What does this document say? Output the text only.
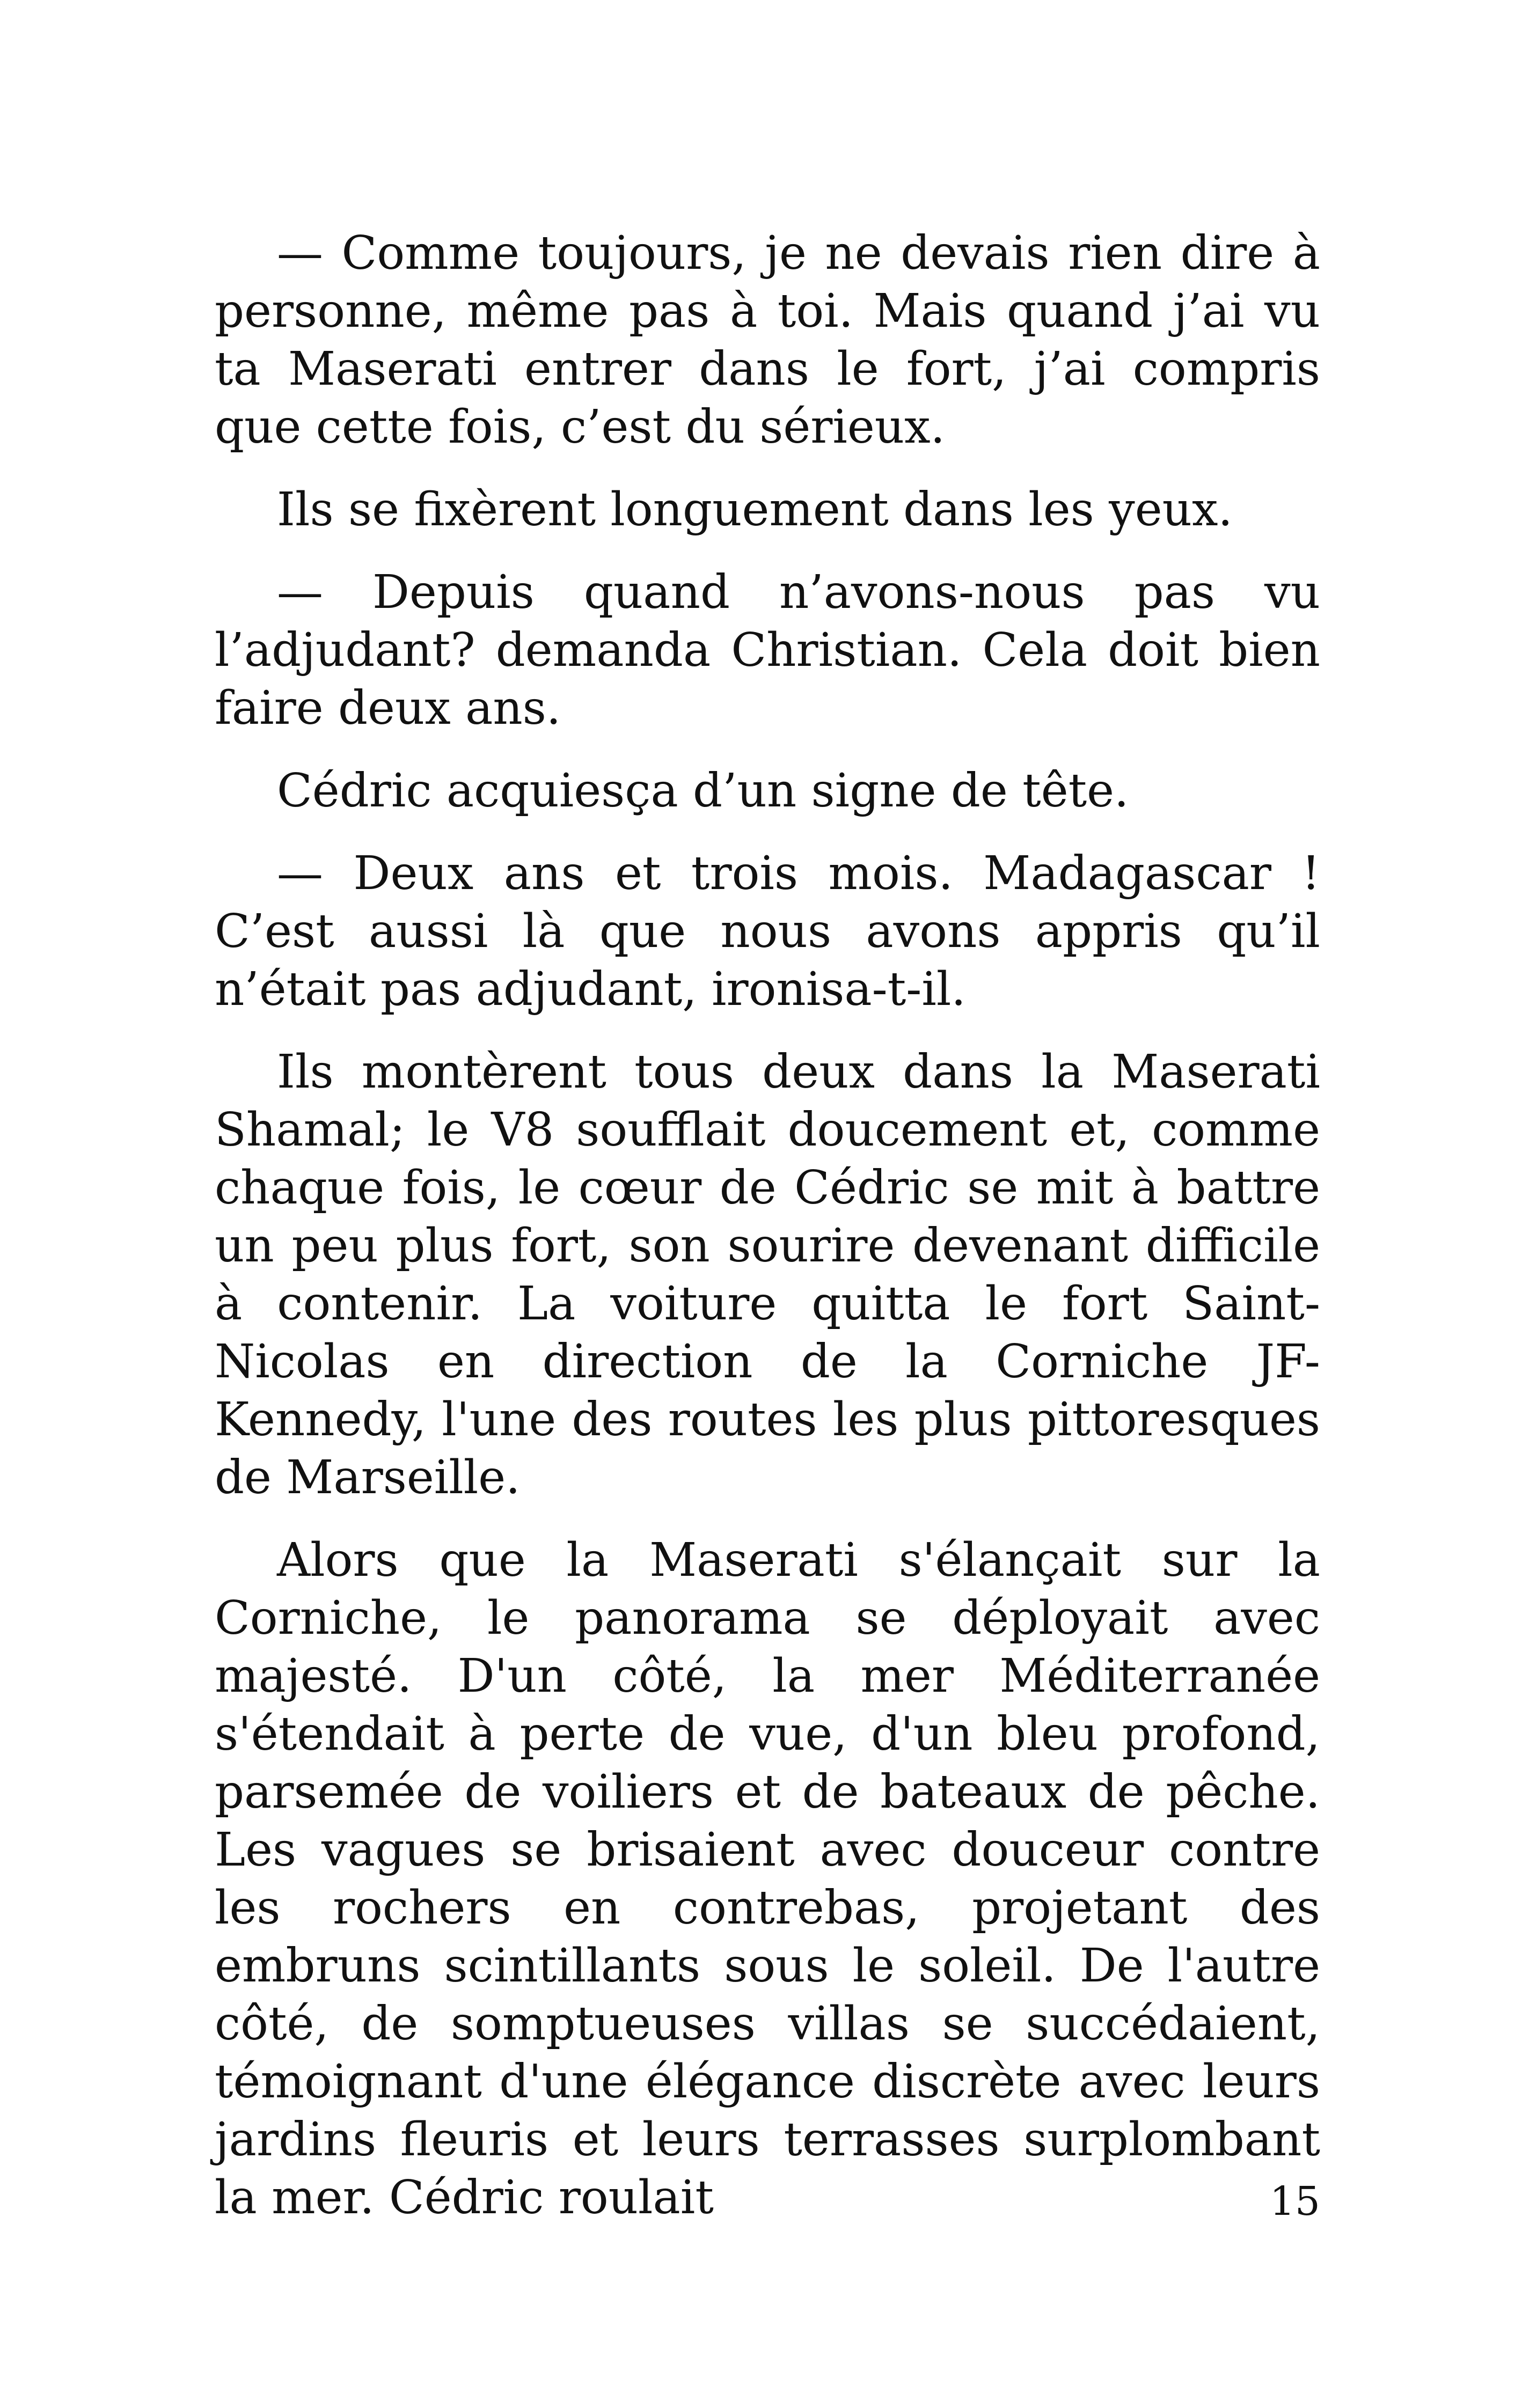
— Comme toujours, je ne devais rien dire à personne, même pas à toi. Mais quand j’ai vu ta Maserati entrer dans le fort, j’ai compris que cette fois, c’est du sérieux.

Ils se fixèrent longuement dans les yeux.

— Depuis quand n’avons-nous pas vu l’adjudant? demanda Christian. Cela doit bien faire deux ans.

Cédric acquiesça d’un signe de tête.

— Deux ans et trois mois. Madagascar ! C’est aussi là que nous avons appris qu’il n’était pas adjudant, ironisa-t-il.

Ils montèrent tous deux dans la Maserati Shamal; le V8 soufflait doucement et, comme chaque fois, le cœur de Cédric se mit à battre un peu plus fort, son sourire devenant difficile à contenir. La voiture quitta le fort Saint-Nicolas en direction de la Corniche JF-Kennedy, l'une des routes les plus pittoresques de Marseille.

Alors que la Maserati s'élançait sur la Corniche, le panorama se déployait avec majesté. D'un côté, la mer Méditerranée s'étendait à perte de vue, d'un bleu profond, parsemée de voiliers et de bateaux de pêche. Les vagues se brisaient avec douceur contre les rochers en contrebas, projetant des embruns scintillants sous le soleil. De l'autre côté, de somptueuses villas se succédaient, témoignant d'une élégance discrète avec leurs jardins fleuris et leurs terrasses surplombant la mer. Cédric roulait	15
